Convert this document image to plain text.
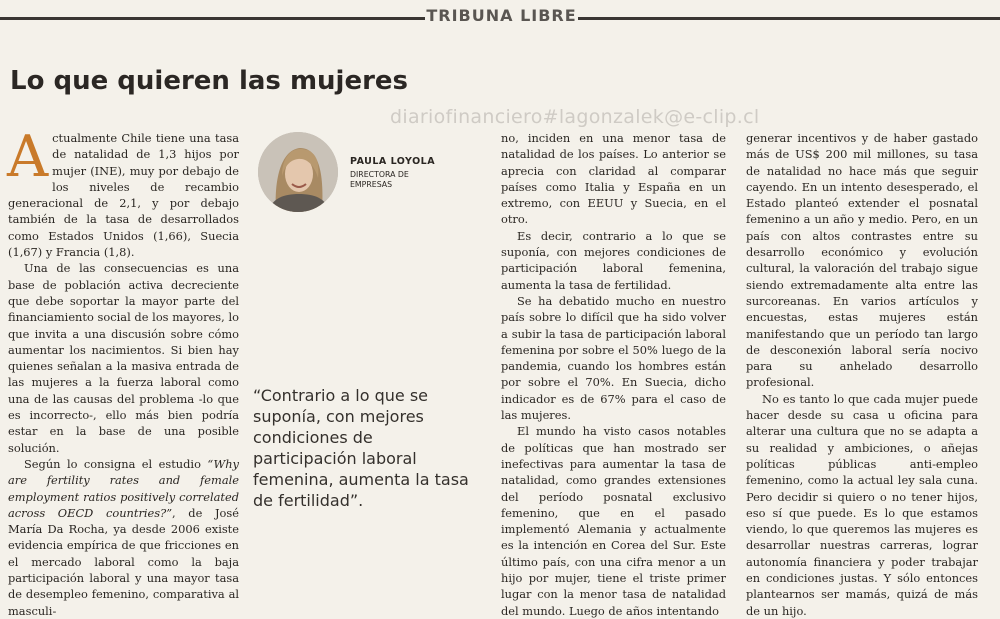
TRIBUNA LIBRE
Lo que quieren las mujeres
diariofinanciero#lagonzalek@e-clip.cl

Actualmente Chile tiene una tasa de natalidad de 1,3 hijos por mujer (INE), muy por debajo de los niveles de recambio generacional de 2,1, y por debajo también de la tasa de desarrollados como Estados Unidos (1,66), Suecia (1,67) y Francia (1,8).

Una de las consecuencias es una base de población activa decreciente que debe soportar la mayor parte del financiamiento social de los mayores, lo que invita a una discusión sobre cómo aumentar los nacimientos. Si bien hay quienes señalan a la masiva entrada de las mujeres a la fuerza laboral como una de las causas del problema -lo que es incorrecto-, ello más bien podría estar en la base de una posible solución.

Según lo consigna el estudio “Why are fertility rates and female employment ratios positively correlated across OECD countries?”, de José María Da Rocha, ya desde 2006 existe evidencia empírica de que fricciones en el mercado laboral como la baja participación laboral y una mayor tasa de desempleo femenino, comparativa al masculi-

PAULA LOYOLA
DIRECTORA DE EMPRESAS

“Contrario a lo que se suponía, con mejores condiciones de participación laboral femenina, aumenta la tasa de fertilidad”.

no, inciden en una menor tasa de natalidad de los países. Lo anterior se aprecia con claridad al comparar países como Italia y España en un extremo, con EEUU y Suecia, en el otro.

Es decir, contrario a lo que se suponía, con mejores condiciones de participación laboral femenina, aumenta la tasa de fertilidad.

Se ha debatido mucho en nuestro país sobre lo difícil que ha sido volver a subir la tasa de participación laboral femenina por sobre el 50% luego de la pandemia, cuando los hombres están por sobre el 70%. En Suecia, dicho indicador es de 67% para el caso de las mujeres.

El mundo ha visto casos notables de políticas que han mostrado ser inefectivas para aumentar la tasa de natalidad, como grandes extensiones del período posnatal exclusivo femenino, que en el pasado implementó Alemania y actualmente es la intención en Corea del Sur. Este último país, con una cifra menor a un hijo por mujer, tiene el triste primer lugar con la menor tasa de natalidad del mundo. Luego de años intentando

generar incentivos y de haber gastado más de US$ 200 mil millones, su tasa de natalidad no hace más que seguir cayendo. En un intento desesperado, el Estado planteó extender el posnatal femenino a un año y medio. Pero, en un país con altos contrastes entre su desarrollo económico y evolución cultural, la valoración del trabajo sigue siendo extremadamente alta entre las surcoreanas. En varios artículos y encuestas, estas mujeres están manifestando que un período tan largo de desconexión laboral sería nocivo para su anhelado desarrollo profesional.

No es tanto lo que cada mujer puede hacer desde su casa u oficina para alterar una cultura que no se adapta a su realidad y ambiciones, o añejas políticas públicas anti-empleo femenino, como la actual ley sala cuna. Pero decidir si quiero o no tener hijos, eso sí que puede. Es lo que estamos viendo, lo que queremos las mujeres es desarrollar nuestras carreras, lograr autonomía financiera y poder trabajar en condiciones justas. Y sólo entonces plantearnos ser mamás, quizá de más de un hijo.
